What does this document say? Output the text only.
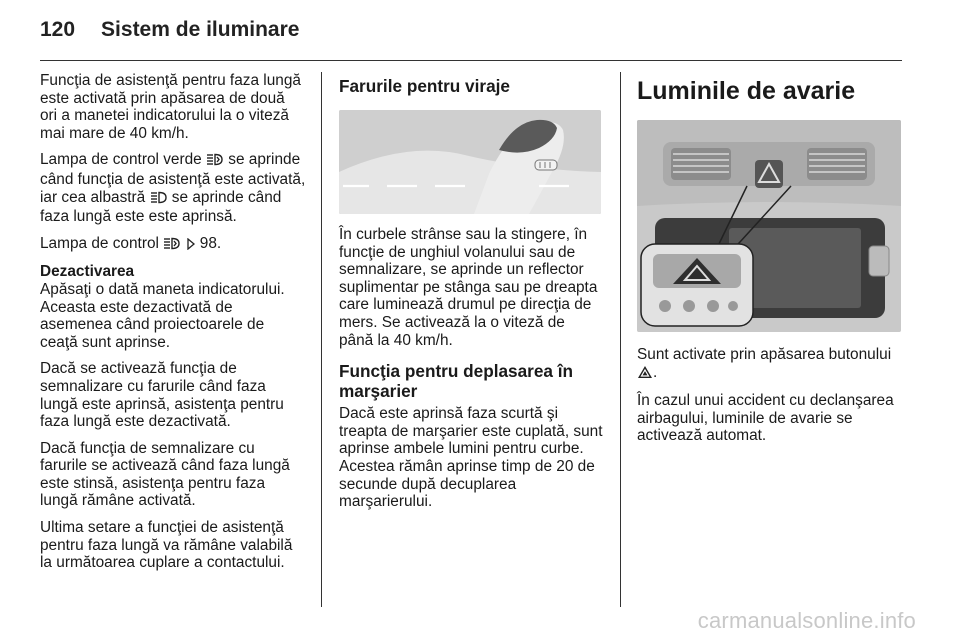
120 Sistem de iluminare

Funcţia de asistenţă pentru faza lungă este activată prin apăsarea de două ori a manetei indicatorului la o viteză mai mare de 40 km/h.

Lampa de control verde se aprinde când funcţia de asistenţă este activată, iar cea albastră se aprinde când faza lungă este este aprinsă.

Lampa de control	98.

Dezactivarea

Apăsaţi o dată maneta indicatorului. Aceasta este dezactivată de asemenea când proiectoarele de ceaţă sunt aprinse.

Dacă se activează funcţia de semnalizare cu farurile când faza lungă este aprinsă, asistenţa pentru faza lungă este dezactivată.

Dacă funcţia de semnalizare cu farurile se activează când faza lungă este stinsă, asistenţa pentru faza lungă rămâne activată.

Ultima setare a funcţiei de asistenţă pentru faza lungă va rămâne valabilă la următoarea cuplare a contactului.

Farurile pentru viraje

În curbele strânse sau la stingere, în funcţie de unghiul volanului sau de semnalizare, se aprinde un reflector suplimentar pe stânga sau pe dreapta care luminează drumul pe direcţia de mers. Se activează la o viteză de până la 40 km/h.

Funcţia pentru deplasarea în marşarier

Dacă este aprinsă faza scurtă şi treapta de marşarier este cuplată, sunt aprinse ambele lumini pentru curbe. Acestea rămân aprinse timp de 20 de secunde după decuplarea marşarierului.

Luminile de avarie

Sunt activate prin apăsarea butonului .

În cazul unui accident cu declanşarea airbagului, luminile de avarie se activează automat.

carmanualsonline.info
